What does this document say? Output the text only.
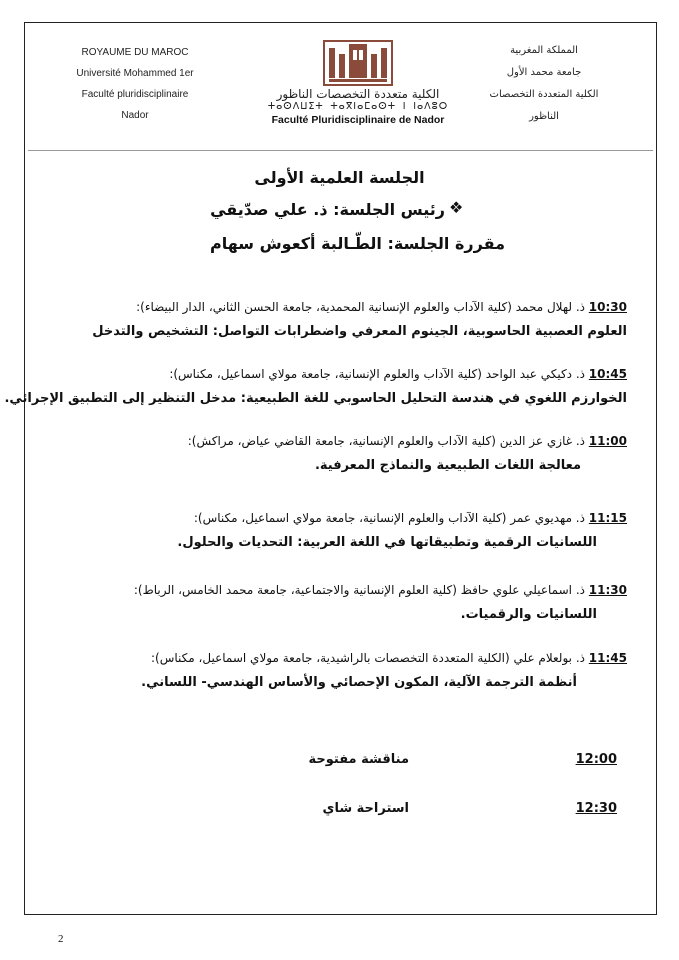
ROYAUME DU MAROC
Université Mohammed 1er
Faculté pluridisciplinaire
Nador
المملكة المغربية
جامعة محمد الأول
الكلية المتعددة التخصصات
الناظور
الكلية متعددة التخصصات الناظور
ⵜⴰⵙⴷⵡⵉⵜ ⵜⴰⴳⵏⴰⵎⴰⵙⵜ ⵏ ⵏⴰⴷⵓⵔ
Faculté Pluridisciplinaire de Nador
الجلسة العلمية الأولى
❖
رئيس الجلسة: ذ. علي صدّيقي
مقررة الجلسة: الطّـالبة أكعوش سهام
10:30 ذ. لهلال محمد (كلية الآداب والعلوم الإنسانية المحمدية، جامعة الحسن الثاني، الدار البيضاء):
العلوم العصبية الحاسوبية، الجينوم المعرفي واضطرابات التواصل: التشخيص والتدخل
10:45 ذ. دكيكي عبد الواحد (كلية الآداب والعلوم الإنسانية، جامعة مولاي اسماعيل، مكناس):
الخوارزم اللغوي في هندسة التحليل الحاسوبي للغة الطبيعية: مدخل التنظير إلى التطبيق الإجرائي.
11:00 ذ. غازي عز الدين (كلية الآداب والعلوم الإنسانية، جامعة القاضي عياض، مراكش):
معالجة اللغات الطبيعية والنماذج المعرفية.
11:15 ذ. مهديوي عمر (كلية الآداب والعلوم الإنسانية، جامعة مولاي اسماعيل، مكناس):
اللسانيات الرقمية وتطبيقاتها في اللغة العربية: التحديات والحلول.
11:30 ذ. اسماعيلي علوي حافظ (كلية العلوم الإنسانية والاجتماعية، جامعة محمد الخامس، الرباط):
اللسانيات والرقميات.
11:45 ذ. بولعلام علي (الكلية المتعددة التخصصات بالراشيدية، جامعة مولاي اسماعيل، مكناس):
أنظمة الترجمة الآلية، المكون الإحصائي والأساس الهندسي- اللساني.
12:00
مناقشة مفتوحة
12:30
استراحة شاي
2
